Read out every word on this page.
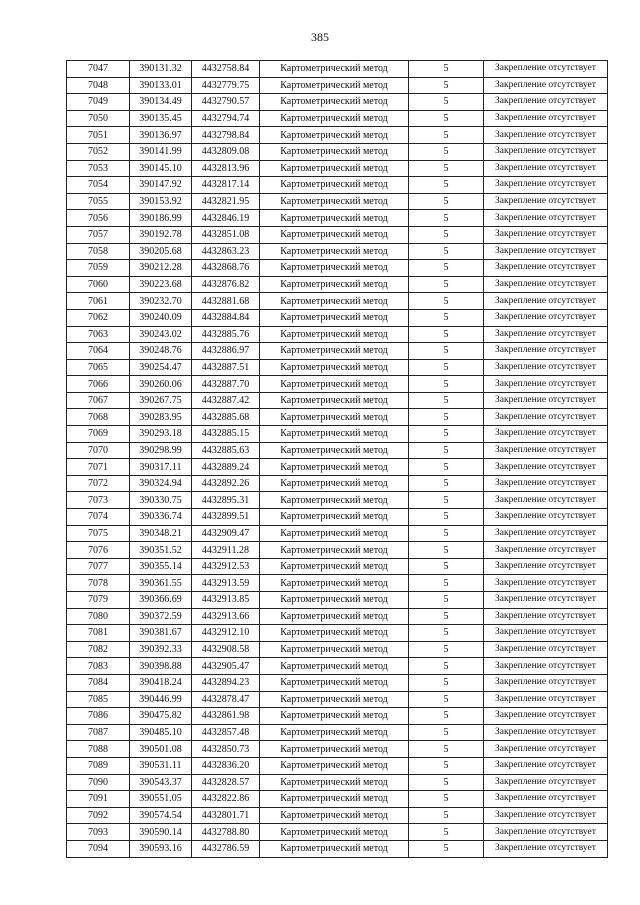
385
7047	390131.32	4432758.84	Картометрический метод	5	Закрепление отсутствует
7048	390133.01	4432779.75	Картометрический метод	5	Закрепление отсутствует
7049	390134.49	4432790.57	Картометрический метод	5	Закрепление отсутствует
7050	390135.45	4432794.74	Картометрический метод	5	Закрепление отсутствует
7051	390136.97	4432798.84	Картометрический метод	5	Закрепление отсутствует
7052	390141.99	4432809.08	Картометрический метод	5	Закрепление отсутствует
7053	390145.10	4432813.96	Картометрический метод	5	Закрепление отсутствует
7054	390147.92	4432817.14	Картометрический метод	5	Закрепление отсутствует
7055	390153.92	4432821.95	Картометрический метод	5	Закрепление отсутствует
7056	390186.99	4432846.19	Картометрический метод	5	Закрепление отсутствует
7057	390192.78	4432851.08	Картометрический метод	5	Закрепление отсутствует
7058	390205.68	4432863.23	Картометрический метод	5	Закрепление отсутствует
7059	390212.28	4432868.76	Картометрический метод	5	Закрепление отсутствует
7060	390223.68	4432876.82	Картометрический метод	5	Закрепление отсутствует
7061	390232.70	4432881.68	Картометрический метод	5	Закрепление отсутствует
7062	390240.09	4432884.84	Картометрический метод	5	Закрепление отсутствует
7063	390243.02	4432885.76	Картометрический метод	5	Закрепление отсутствует
7064	390248.76	4432886.97	Картометрический метод	5	Закрепление отсутствует
7065	390254.47	4432887.51	Картометрический метод	5	Закрепление отсутствует
7066	390260.06	4432887.70	Картометрический метод	5	Закрепление отсутствует
7067	390267.75	4432887.42	Картометрический метод	5	Закрепление отсутствует
7068	390283.95	4432885.68	Картометрический метод	5	Закрепление отсутствует
7069	390293.18	4432885.15	Картометрический метод	5	Закрепление отсутствует
7070	390298.99	4432885.63	Картометрический метод	5	Закрепление отсутствует
7071	390317.11	4432889.24	Картометрический метод	5	Закрепление отсутствует
7072	390324.94	4432892.26	Картометрический метод	5	Закрепление отсутствует
7073	390330.75	4432895.31	Картометрический метод	5	Закрепление отсутствует
7074	390336.74	4432899.51	Картометрический метод	5	Закрепление отсутствует
7075	390348.21	4432909.47	Картометрический метод	5	Закрепление отсутствует
7076	390351.52	4432911.28	Картометрический метод	5	Закрепление отсутствует
7077	390355.14	4432912.53	Картометрический метод	5	Закрепление отсутствует
7078	390361.55	4432913.59	Картометрический метод	5	Закрепление отсутствует
7079	390366.69	4432913.85	Картометрический метод	5	Закрепление отсутствует
7080	390372.59	4432913.66	Картометрический метод	5	Закрепление отсутствует
7081	390381.67	4432912.10	Картометрический метод	5	Закрепление отсутствует
7082	390392.33	4432908.58	Картометрический метод	5	Закрепление отсутствует
7083	390398.88	4432905.47	Картометрический метод	5	Закрепление отсутствует
7084	390418.24	4432894.23	Картометрический метод	5	Закрепление отсутствует
7085	390446.99	4432878.47	Картометрический метод	5	Закрепление отсутствует
7086	390475.82	4432861.98	Картометрический метод	5	Закрепление отсутствует
7087	390485.10	4432857.48	Картометрический метод	5	Закрепление отсутствует
7088	390501.08	4432850.73	Картометрический метод	5	Закрепление отсутствует
7089	390531.11	4432836.20	Картометрический метод	5	Закрепление отсутствует
7090	390543.37	4432828.57	Картометрический метод	5	Закрепление отсутствует
7091	390551.05	4432822.86	Картометрический метод	5	Закрепление отсутствует
7092	390574.54	4432801.71	Картометрический метод	5	Закрепление отсутствует
7093	390590.14	4432788.80	Картометрический метод	5	Закрепление отсутствует
7094	390593.16	4432786.59	Картометрический метод	5	Закрепление отсутствует
